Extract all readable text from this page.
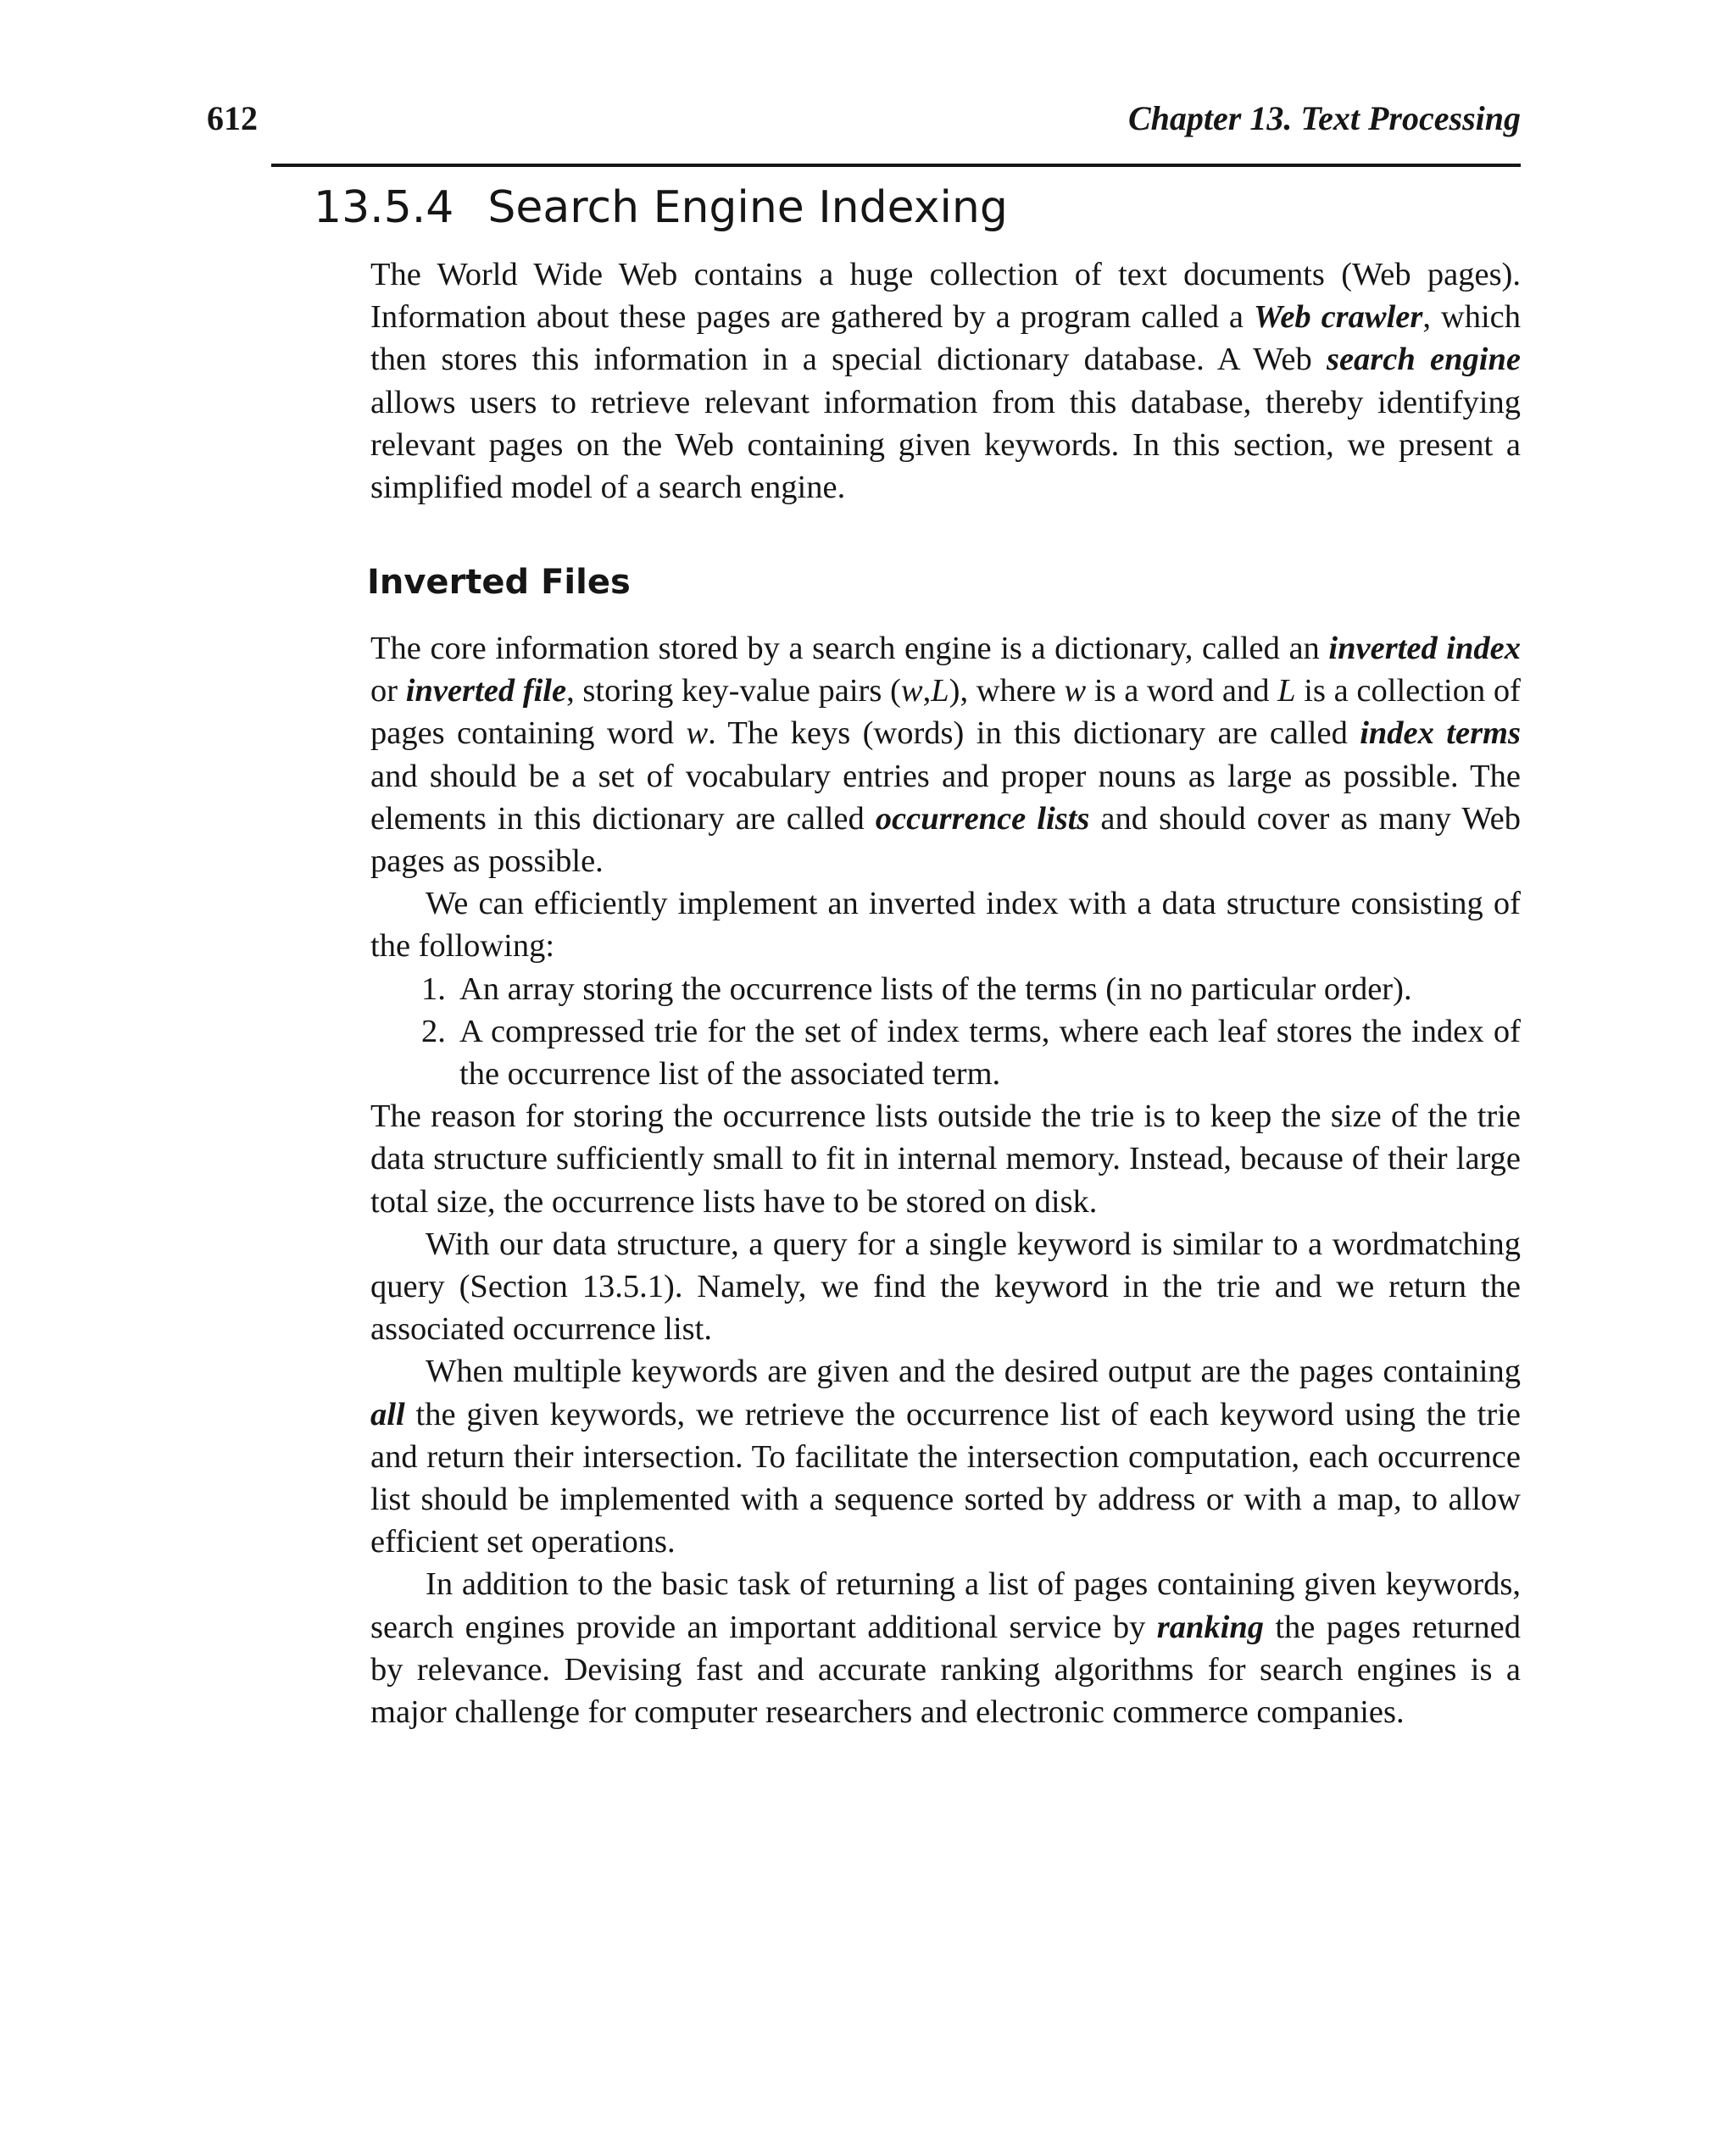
612	Chapter 13. Text Processing
13.5.4 Search Engine Indexing

The World Wide Web contains a huge collection of text documents (Web pages). Information about these pages are gathered by a program called a Web crawler, which then stores this information in a special dictionary database. A Web search engine allows users to retrieve relevant information from this database, thereby identifying relevant pages on the Web containing given keywords. In this section, we present a simplified model of a search engine.

Inverted Files

The core information stored by a search engine is a dictionary, called an inverted index or inverted file, storing key-value pairs (w,L), where w is a word and L is a collection of pages containing word w. The keys (words) in this dictionary are called index terms and should be a set of vocabulary entries and proper nouns as large as possible. The elements in this dictionary are called occurrence lists and should cover as many Web pages as possible.

We can efficiently implement an inverted index with a data structure consisting of the following:

1. An array storing the occurrence lists of the terms (in no particular order).
2. A compressed trie for the set of index terms, where each leaf stores the index of the occurrence list of the associated term.

The reason for storing the occurrence lists outside the trie is to keep the size of the trie data structure sufficiently small to fit in internal memory. Instead, because of their large total size, the occurrence lists have to be stored on disk.

With our data structure, a query for a single keyword is similar to a wordmatching query (Section 13.5.1). Namely, we find the keyword in the trie and we return the associated occurrence list.

When multiple keywords are given and the desired output are the pages containing all the given keywords, we retrieve the occurrence list of each keyword using the trie and return their intersection. To facilitate the intersection computation, each occurrence list should be implemented with a sequence sorted by address or with a map, to allow efficient set operations.

In addition to the basic task of returning a list of pages containing given keywords, search engines provide an important additional service by ranking the pages returned by relevance. Devising fast and accurate ranking algorithms for search engines is a major challenge for computer researchers and electronic commerce companies.
